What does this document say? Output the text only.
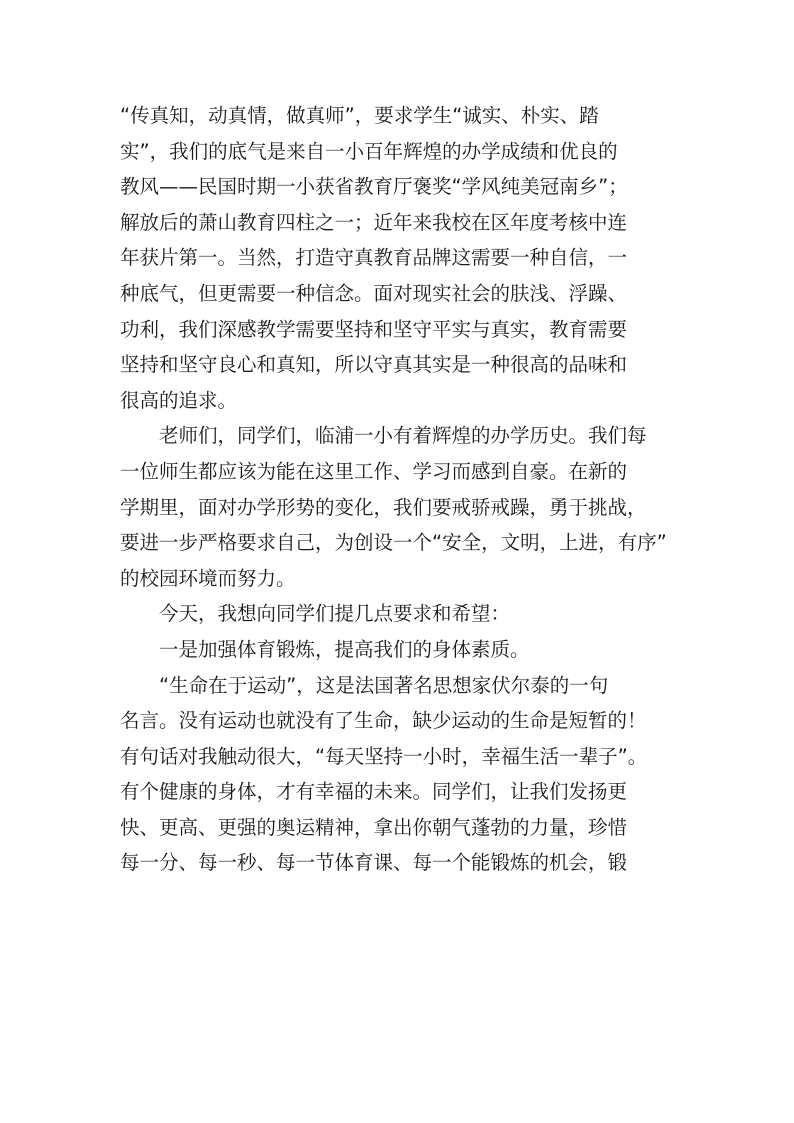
“传真知，动真情，做真师”，要求学生“诚实、朴实、踏
实”，我们的底气是来自一小百年辉煌的办学成绩和优良的
教风——民国时期一小获省教育厅褒奖“学风纯美冠南乡”；
解放后的萧山教育四柱之一；近年来我校在区年度考核中连
年获片第一。当然，打造守真教育品牌这需要一种自信，一
种底气，但更需要一种信念。面对现实社会的肤浅、浮躁、
功利，我们深感教学需要坚持和坚守平实与真实，教育需要
坚持和坚守良心和真知，所以守真其实是一种很高的品味和
很高的追求。
老师们，同学们，临浦一小有着辉煌的办学历史。我们每
一位师生都应该为能在这里工作、学习而感到自豪。在新的
学期里，面对办学形势的变化，我们要戒骄戒躁，勇于挑战，
要进一步严格要求自己，为创设一个“安全，文明，上进，有序”
的校园环境而努力。
今天，我想向同学们提几点要求和希望：
一是加强体育锻炼，提高我们的身体素质。
“生命在于运动”，这是法国著名思想家伏尔泰的一句
名言。没有运动也就没有了生命，缺少运动的生命是短暂的！
有句话对我触动很大，“每天坚持一小时，幸福生活一辈子”。
有个健康的身体，才有幸福的未来。同学们，让我们发扬更
快、更高、更强的奥运精神，拿出你朝气蓬勃的力量，珍惜
每一分、每一秒、每一节体育课、每一个能锻炼的机会，锻
